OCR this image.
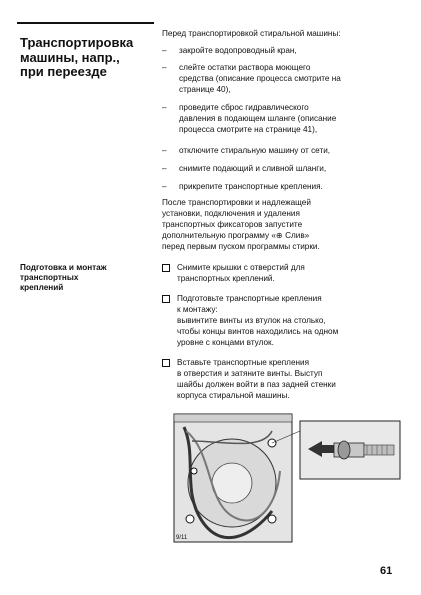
Транспортировка
машины, напр.,
при переезде
Подготовка и монтаж
транспортных
креплений
Перед транспортировкой стиральной машины:
– закройте водопроводный кран,
– слейте остатки раствора моющего
средства (описание процесса смотрите на
странице 40),
– проведите сброс гидравлического
давления в подающем шланге (описание
процесса смотрите на странице 41),
– отключите стиральную машину от сети,
– снимите подающий и сливной шланги,
– прикрепите транспортные крепления.
После транспортировки и надлежащей
установки, подключения и удаления
транспортных фиксаторов запустите
дополнительную программу «⊕ Слив»
перед первым пуском программы стирки.
Снимите крышки с отверстий для
транспортных креплений.
Подготовьте транспортные крепления
к монтажу:
вывинтите винты из втулок на столько,
чтобы концы винтов находились на одном
уровне с концами втулок.
Вставьте транспортные крепления
в отверстия и затяните винты. Выступ
шайбы должен войти в паз задней стенки
корпуса стиральной машины.
9/11
61
